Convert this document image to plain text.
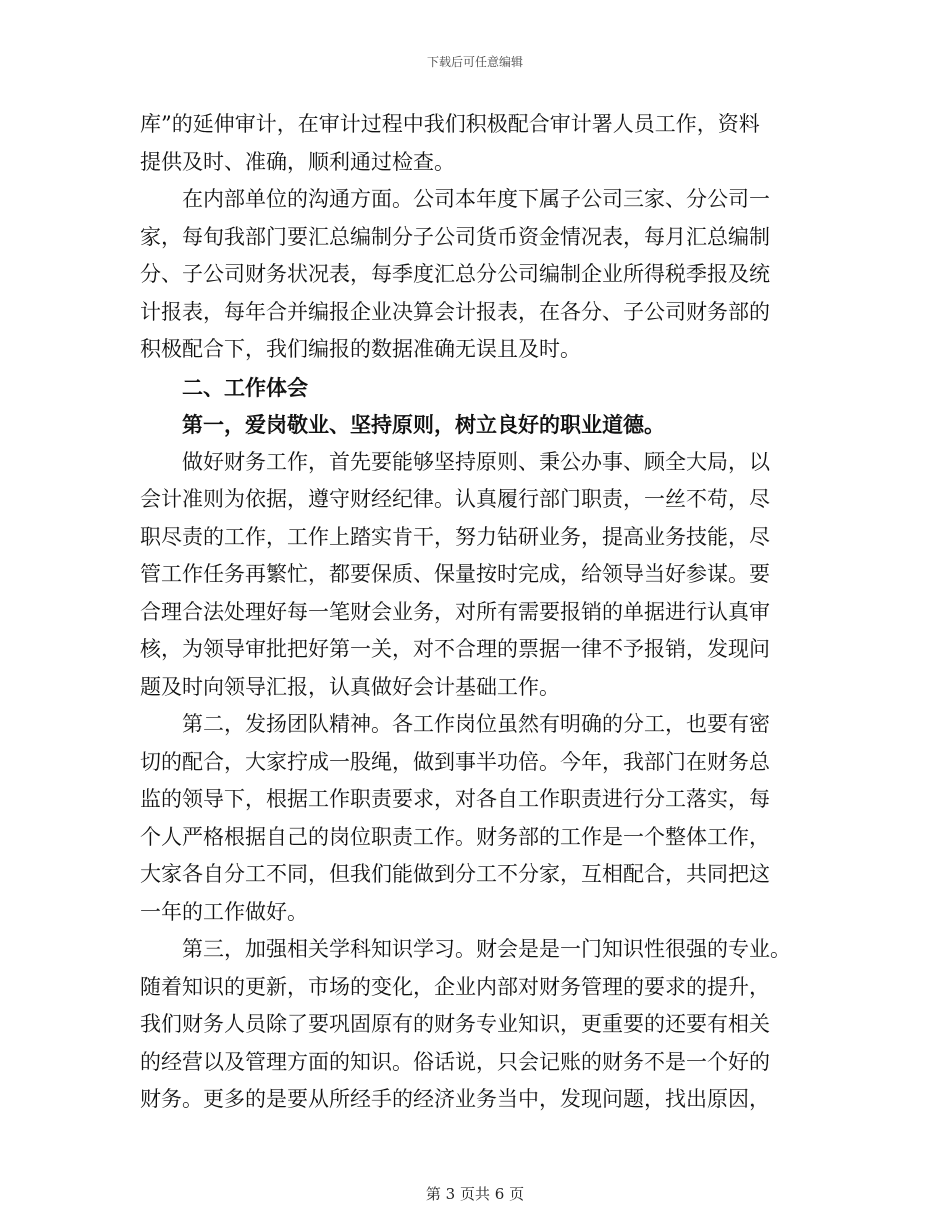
下载后可任意编辑
库”的延伸审计，在审计过程中我们积极配合审计署人员工作，资料
提供及时、准确，顺利通过检查。
在内部单位的沟通方面。公司本年度下属子公司三家、分公司一
家，每旬我部门要汇总编制分子公司货币资金情况表，每月汇总编制
分、子公司财务状况表，每季度汇总分公司编制企业所得税季报及统
计报表，每年合并编报企业决算会计报表，在各分、子公司财务部的
积极配合下，我们编报的数据准确无误且及时。
二、工作体会
第一，爱岗敬业、坚持原则，树立良好的职业道德。
做好财务工作，首先要能够坚持原则、秉公办事、顾全大局，以
会计准则为依据，遵守财经纪律。认真履行部门职责，一丝不苟，尽
职尽责的工作，工作上踏实肯干，努力钻研业务，提高业务技能，尽
管工作任务再繁忙，都要保质、保量按时完成，给领导当好参谋。要
合理合法处理好每一笔财会业务，对所有需要报销的单据进行认真审
核，为领导审批把好第一关，对不合理的票据一律不予报销，发现问
题及时向领导汇报，认真做好会计基础工作。
第二，发扬团队精神。各工作岗位虽然有明确的分工，也要有密
切的配合，大家拧成一股绳，做到事半功倍。今年，我部门在财务总
监的领导下，根据工作职责要求，对各自工作职责进行分工落实，每
个人严格根据自己的岗位职责工作。财务部的工作是一个整体工作，
大家各自分工不同，但我们能做到分工不分家，互相配合，共同把这
一年的工作做好。
第三，加强相关学科知识学习。财会是是一门知识性很强的专业。
随着知识的更新，市场的变化，企业内部对财务管理的要求的提升，
我们财务人员除了要巩固原有的财务专业知识，更重要的还要有相关
的经营以及管理方面的知识。俗话说，只会记账的财务不是一个好的
财务。更多的是要从所经手的经济业务当中，发现问题，找出原因，
第 3 页共 6 页
